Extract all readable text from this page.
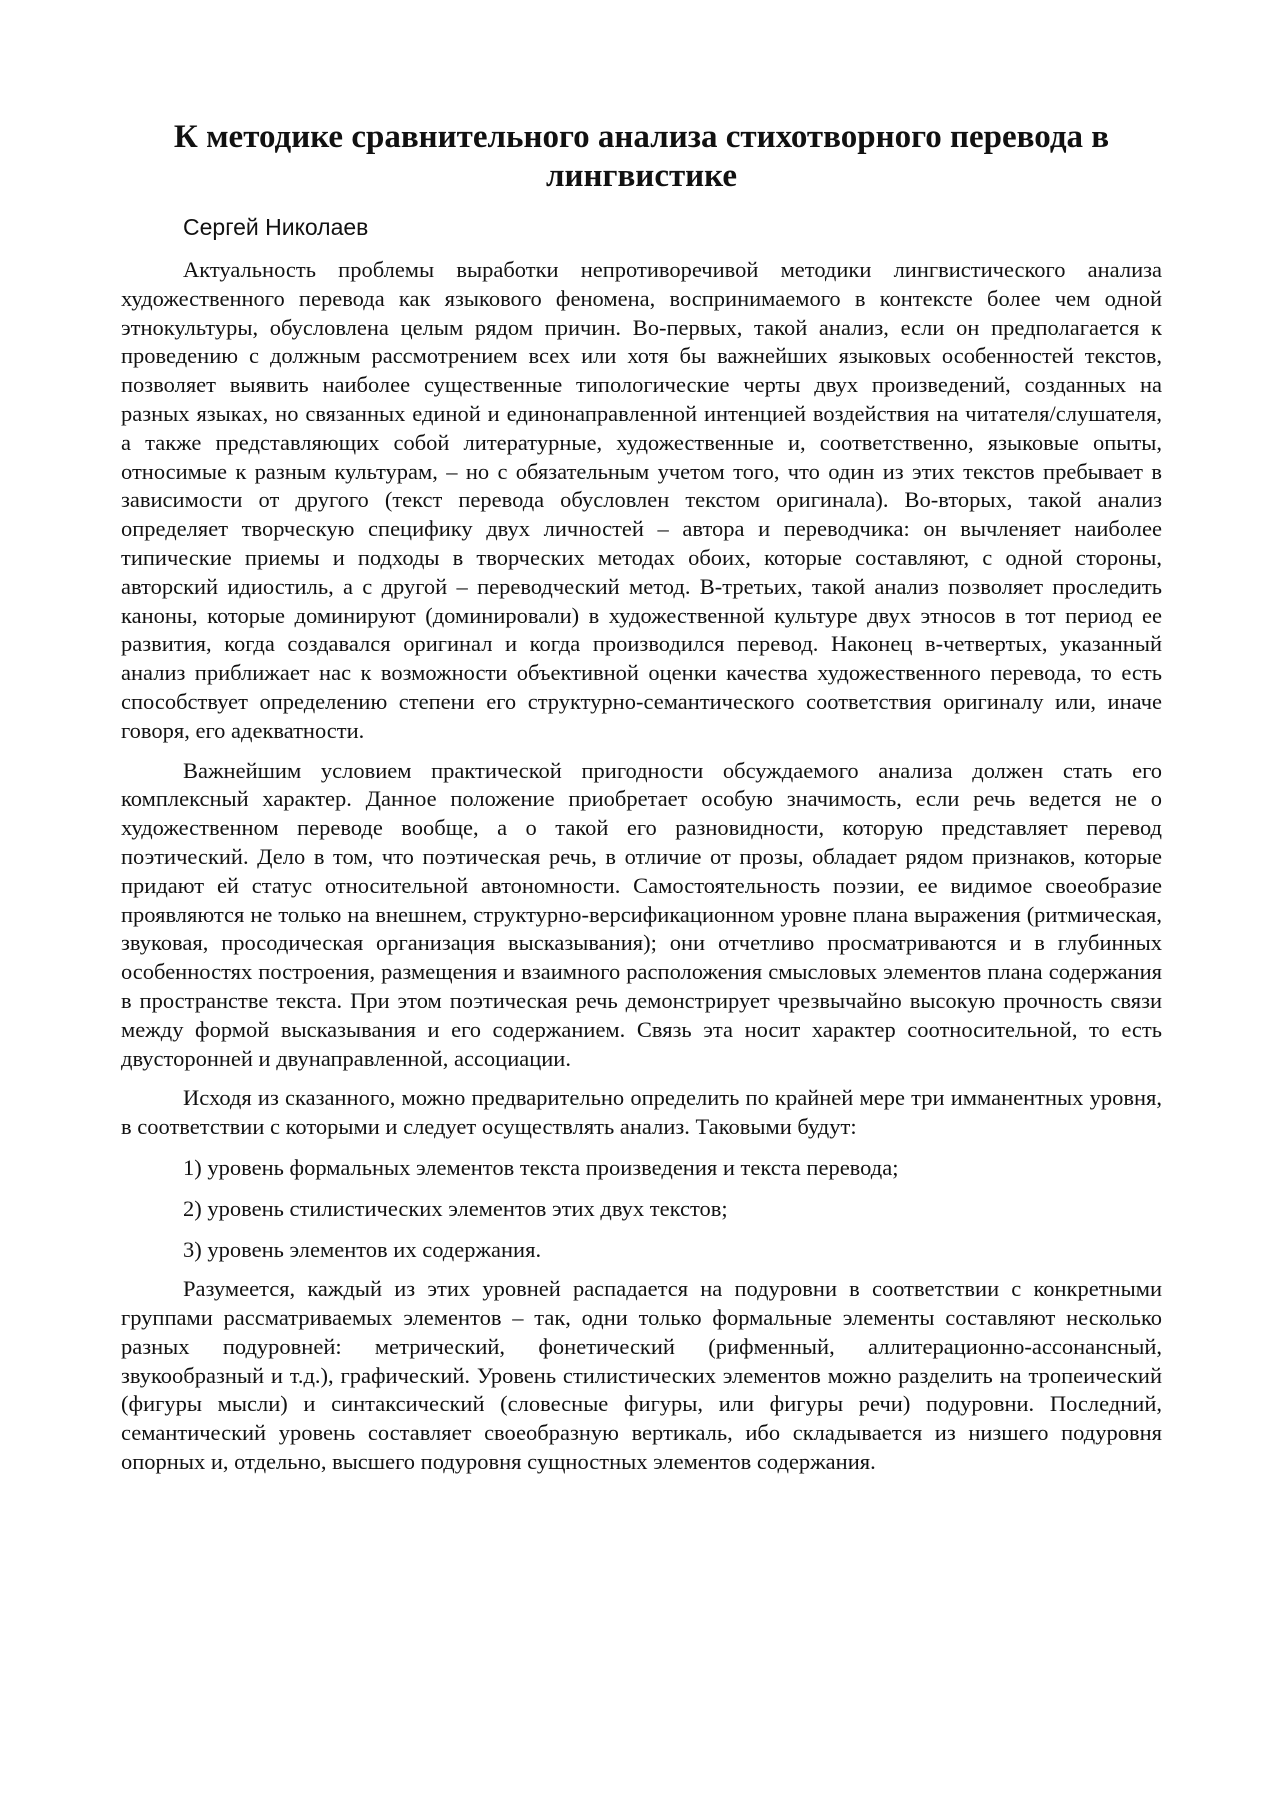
К методике сравнительного анализа стихотворного перевода в лингвистике
Сергей Николаев

Актуальность проблемы выработки непротиворечивой методики лингвистического анализа художественного перевода как языкового феномена, воспринимаемого в контексте более чем одной этнокультуры, обусловлена целым рядом причин. Во-первых, такой анализ, если он предполагается к проведению с должным рассмотрением всех или хотя бы важнейших языковых особенностей текстов, позволяет выявить наиболее существенные типологические черты двух произведений, созданных на разных языках, но связанных единой и единонаправленной интенцией воздействия на читателя/слушателя, а также представляющих собой литературные, художественные и, соответственно, языковые опыты, относимые к разным культурам, – но с обязательным учетом того, что один из этих текстов пребывает в зависимости от другого (текст перевода обусловлен текстом оригинала). Во-вторых, такой анализ определяет творческую специфику двух личностей – автора и переводчика: он вычленяет наиболее типические приемы и подходы в творческих методах обоих, которые составляют, с одной стороны, авторский идиостиль, а с другой – переводческий метод. В-третьих, такой анализ позволяет проследить каноны, которые доминируют (доминировали) в художественной культуре двух этносов в тот период ее развития, когда создавался оригинал и когда производился перевод. Наконец в-четвертых, указанный анализ приближает нас к возможности объективной оценки качества художественного перевода, то есть способствует определению степени его структурно-семантического соответствия оригиналу или, иначе говоря, его адекватности.

Важнейшим условием практической пригодности обсуждаемого анализа должен стать его комплексный характер. Данное положение приобретает особую значимость, если речь ведется не о художественном переводе вообще, а о такой его разновидности, которую представляет перевод поэтический. Дело в том, что поэтическая речь, в отличие от прозы, обладает рядом признаков, которые придают ей статус относительной автономности. Самостоятельность поэзии, ее видимое своеобразие проявляются не только на внешнем, структурно-версификационном уровне плана выражения (ритмическая, звуковая, просодическая организация высказывания); они отчетливо просматриваются и в глубинных особенностях построения, размещения и взаимного расположения смысловых элементов плана содержания в пространстве текста. При этом поэтическая речь демонстрирует чрезвычайно высокую прочность связи между формой высказывания и его содержанием. Связь эта носит характер соотносительной, то есть двусторонней и двунаправленной, ассоциации.

Исходя из сказанного, можно предварительно определить по крайней мере три имманентных уровня, в соответствии с которыми и следует осуществлять анализ. Таковыми будут:

1) уровень формальных элементов текста произведения и текста перевода;
2) уровень стилистических элементов этих двух текстов;
3) уровень элементов их содержания.

Разумеется, каждый из этих уровней распадается на подуровни в соответствии с конкретными группами рассматриваемых элементов – так, одни только формальные элементы составляют несколько разных подуровней: метрический, фонетический (рифменный, аллитерационно-ассонансный, звукообразный и т.д.), графический. Уровень стилистических элементов можно разделить на тропеический (фигуры мысли) и синтаксический (словесные фигуры, или фигуры речи) подуровни. Последний, семантический уровень составляет своеобразную вертикаль, ибо складывается из низшего подуровня опорных и, отдельно, высшего подуровня сущностных элементов содержания.
